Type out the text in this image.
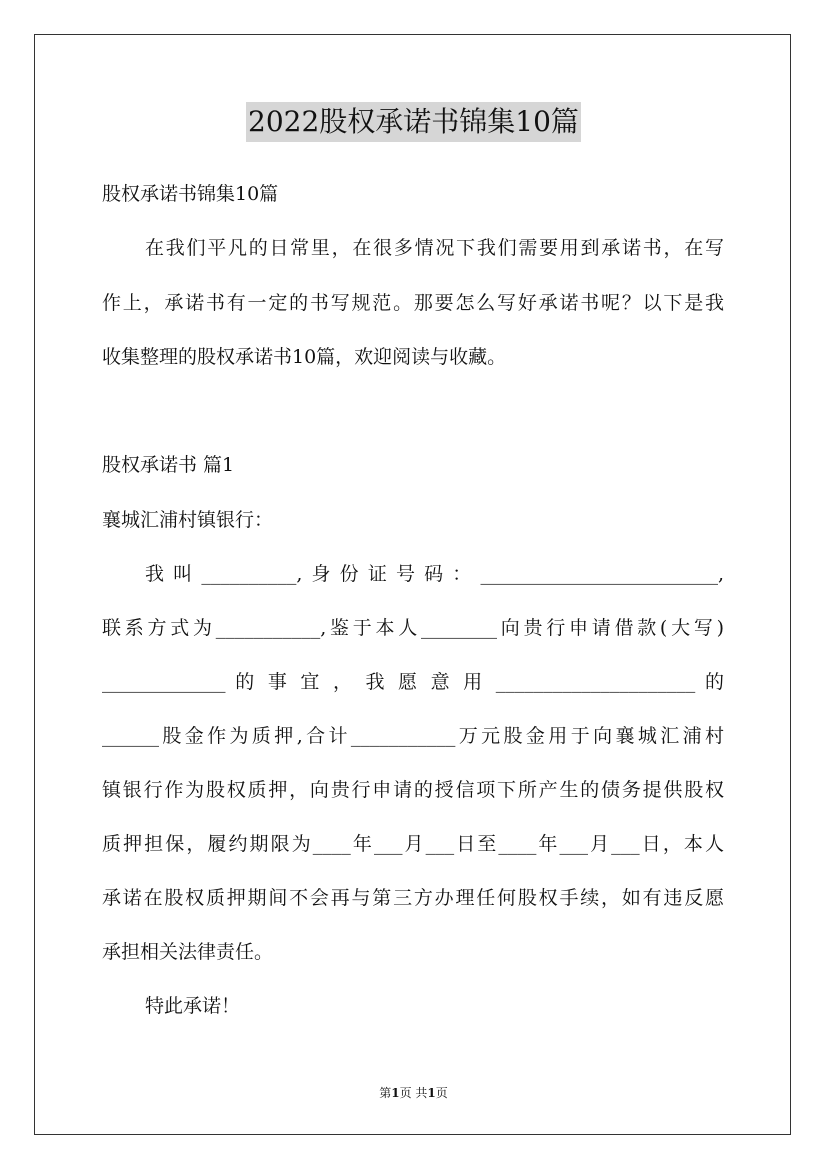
2022股权承诺书锦集10篇
股权承诺书锦集10篇
在我们平凡的日常里，在很多情况下我们需要用到承诺书，在写
作上，承诺书有一定的书写规范。那要怎么写好承诺书呢？以下是我
收集整理的股权承诺书10篇，欢迎阅读与收藏。
股权承诺书 篇1
襄城汇浦村镇银行：
我叫__________,身份证号码：_________________________,
联系方式为___________,鉴于本人________向贵行申请借款(大写)
_____________ 的 事 宜 ， 我 愿 意 用 _____________________ 的
______股金作为质押,合计___________万元股金用于向襄城汇浦村
镇银行作为股权质押，向贵行申请的授信项下所产生的债务提供股权
质押担保，履约期限为____年___月___日至____年___月___日，本人
承诺在股权质押期间不会再与第三方办理任何股权手续，如有违反愿
承担相关法律责任。
特此承诺！
第1页 共1页
